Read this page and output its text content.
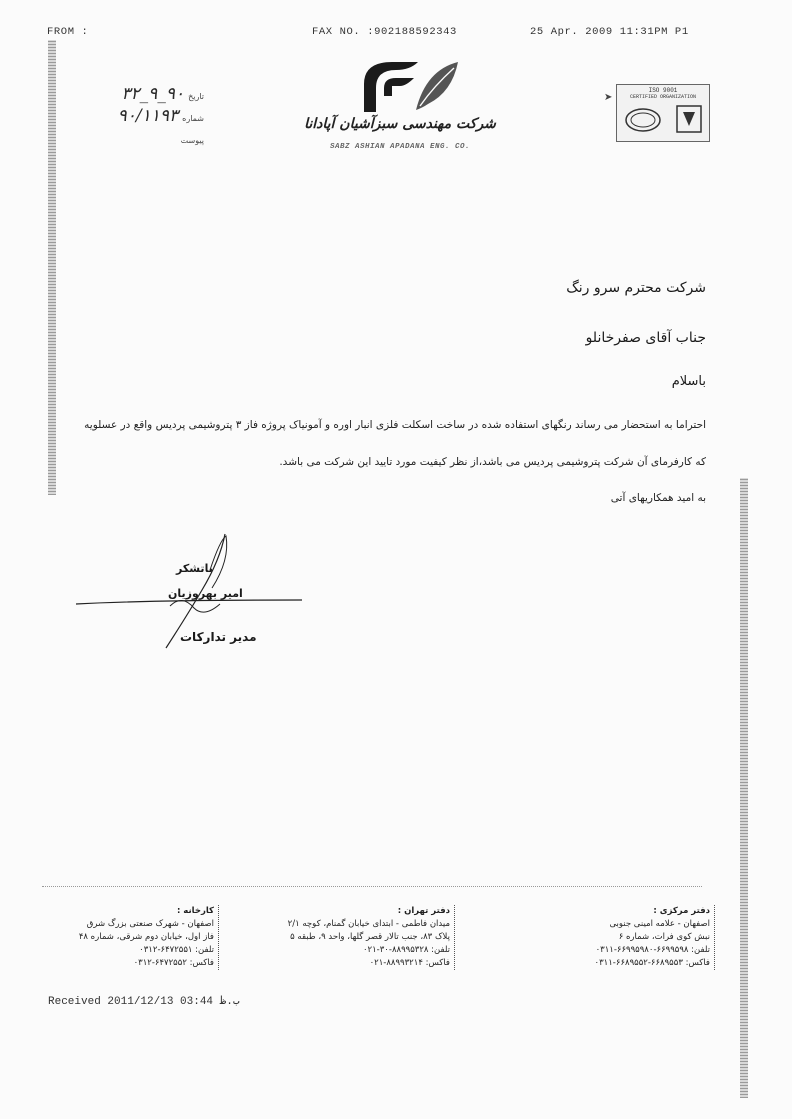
FROM :	FAX NO. :902188592343	25 Apr. 2009 11:31PM P1
تاریخ
۹۰_۹_۳۲
شماره
۹۰/۱۱۹۳
پیوست
شرکت مهندسی سبزآشیان آپادانا
SABZ ASHIAN APADANA ENG. CO.
ISO 9001
CERTIFIED ORGANIZATION
➤
شرکت محترم سرو رنگ
جناب آقای صفرخانلو
باسلام
احتراما به استحضار می رساند رنگهای استفاده شده در ساخت اسکلت فلزی انبار اوره و آمونیاک پروژه فاز ۳ پتروشیمی پردیس واقع در عسلویه
که کارفرمای آن شرکت پتروشیمی پردیس می باشد،از نظر کیفیت مورد تایید این شرکت می باشد.
به امید همکاریهای آتی
باتشکر
امیر بهروزیان
مدیر تدارکات
دفتر مرکزی :
اصفهان - علامه امینی جنوبی
نبش کوی فرات، شماره ۶
تلفن: ۶۶۹۹۵۹۸-۶۶۹۹۵۹۸۰-۰۳۱۱
فاکس: ۶۶۸۹۵۵۳-۶۶۸۹۵۵۲-۰۳۱۱
دفتر تهران :
میدان فاطمی - ابتدای خیابان گمنام، کوچه ۲/۱
پلاک ۸۳، جنب تالار قصر گلها، واحد ۹، طبقه ۵
تلفن: ۸۸۹۹۵۳۲۸-۳۰-۰۲۱
فاکس: ۸۸۹۹۳۲۱۴-۰۲۱
کارخانه :
اصفهان - شهرک صنعتی بزرگ شرق
فاز اول، خیابان دوم شرقی، شماره ۴۸
تلفن: ۶۴۷۲۵۵۱-۰۳۱۲
فاکس: ۶۴۷۲۵۵۲-۰۳۱۲
Received 2011/12/13 03:44 ‮ب.ظ‬
